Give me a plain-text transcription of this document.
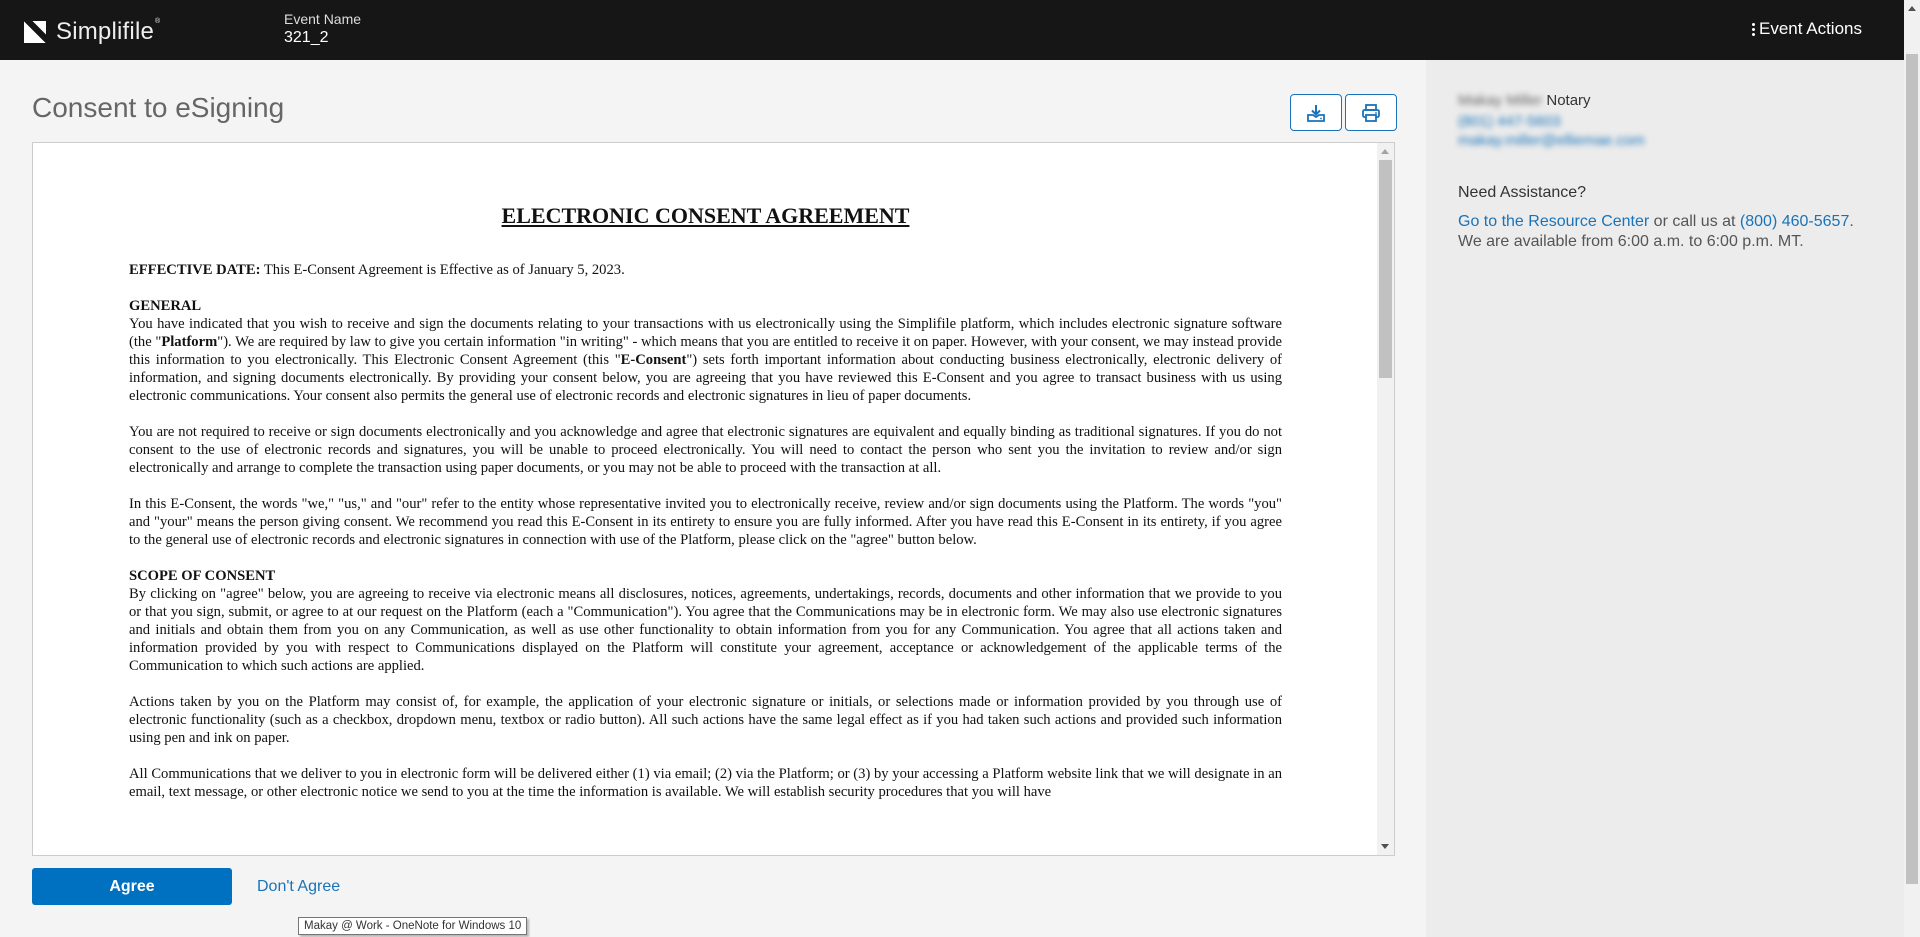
Simplifile®	Event Name
321_2	Event Actions
Consent to eSigning
ELECTRONIC CONSENT AGREEMENT

EFFECTIVE DATE: This E-Consent Agreement is Effective as of January 5, 2023.

GENERAL

You have indicated that you wish to receive and sign the documents relating to your transactions with us electronically using the Simplifile platform, which includes electronic signature software (the "Platform"). We are required by law to give you certain information "in writing" - which means that you are entitled to receive it on paper. However, with your consent, we may instead provide this information to you electronically. This Electronic Consent Agreement (this "E-Consent") sets forth important information about conducting business electronically, electronic delivery of information, and signing documents electronically. By providing your consent below, you are agreeing that you have reviewed this E-Consent and you agree to transact business with us using electronic communications. Your consent also permits the general use of electronic records and electronic signatures in lieu of paper documents.

You are not required to receive or sign documents electronically and you acknowledge and agree that electronic signatures are equivalent and equally binding as traditional signatures. If you do not consent to the use of electronic records and signatures, you will be unable to proceed electronically. You will need to contact the person who sent you the invitation to review and/or sign electronically and arrange to complete the transaction using paper documents, or you may not be able to proceed with the transaction at all.

In this E-Consent, the words "we," "us," and "our" refer to the entity whose representative invited you to electronically receive, review and/or sign documents using the Platform. The words "you" and "your" means the person giving consent. We recommend you read this E-Consent in its entirety to ensure you are fully informed. After you have read this E-Consent in its entirety, if you agree to the general use of electronic records and electronic signatures in connection with use of the Platform, please click on the "agree" button below.

SCOPE OF CONSENT

By clicking on "agree" below, you are agreeing to receive via electronic means all disclosures, notices, agreements, undertakings, records, documents and other information that we provide to you or that you sign, submit, or agree to at our request on the Platform (each a "Communication"). You agree that the Communications may be in electronic form. We may also use electronic signatures and initials and obtain them from you on any Communication, as well as use other functionality to obtain information from you for any Communication. You agree that all actions taken and information provided by you with respect to Communications displayed on the Platform will constitute your agreement, acceptance or acknowledgement of the applicable terms of the Communication to which such actions are applied.

Actions taken by you on the Platform may consist of, for example, the application of your electronic signature or initials, or selections made or information provided by you through use of electronic functionality (such as a checkbox, dropdown menu, textbox or radio button). All such actions have the same legal effect as if you had taken such actions and provided such information using pen and ink on paper.

All Communications that we deliver to you in electronic form will be delivered either (1) via email; (2) via the Platform; or (3) by your accessing a Platform website link that we will designate in an email, text message, or other electronic notice we send to you at the time the information is available. We will establish security procedures that you will have

Agree	Don't Agree
Makay @ Work - OneNote for Windows 10
Makay Miller Notary
(801) 447-5603
makay.miller@elliemae.com
Need Assistance?
Go to the Resource Center or call us at (800) 460-5657.
We are available from 6:00 a.m. to 6:00 p.m. MT.
